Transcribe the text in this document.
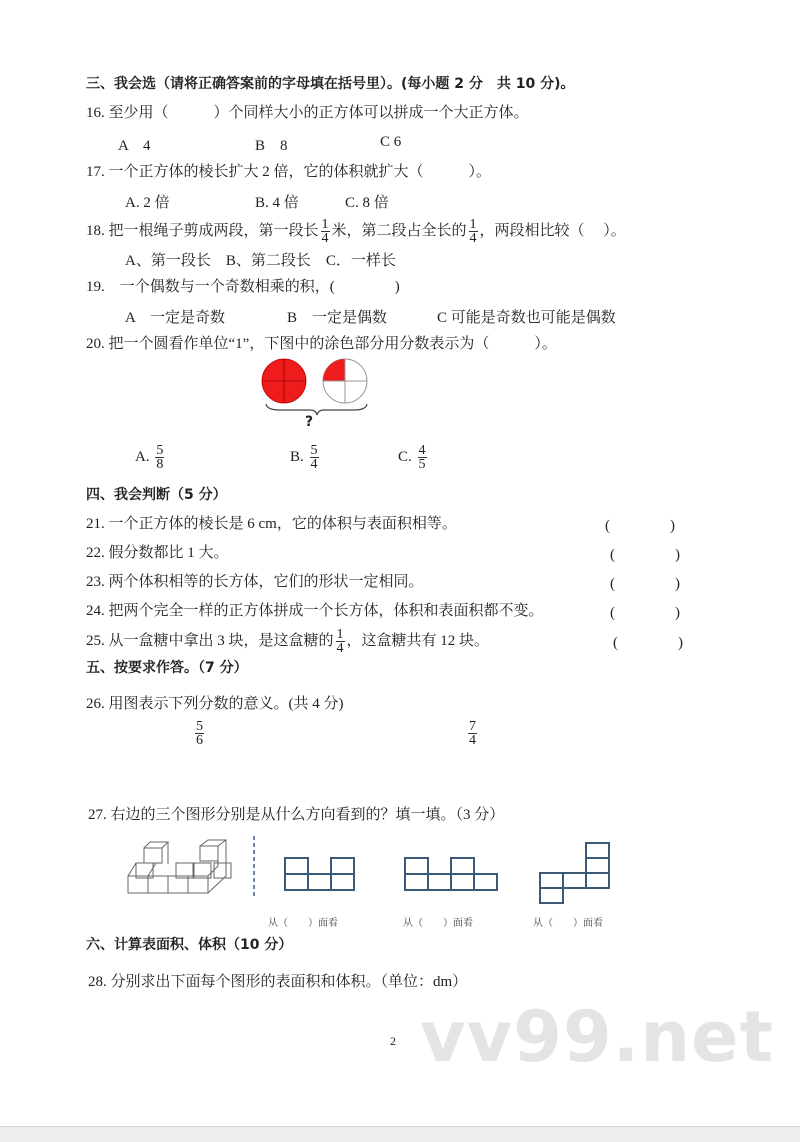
三、我会选（请将正确答案前的字母填在括号里）。(每小题 2 分　共 10 分)。
16. 至少用（　　　）个同样大小的正方体可以拼成一个大正方体。
A　4	B　8	C 6
17. 一个正方体的棱长扩大 2 倍，它的体积就扩大（　　　）。
A. 2 倍	B. 4 倍	C. 8 倍
18. 把一根绳子剪成两段，第一段长 $\frac{1}{4}$ 米，第二段占全长的 $\frac{1}{4}$ ，两段相比较（　 ）。
A、第一段长　B、第二段长　C．一样长
19.　一个偶数与一个奇数相乘的积，(　　　　)
A　一定是奇数	B　一定是偶数	C 可能是奇数也可能是偶数
20. 把一个圆看作单位“1”，下图中的涂色部分用分数表示为（　　　）。
?
A. $\frac{5}{8}$	B. $\frac{5}{4}$	C. $\frac{4}{5}$
四、我会判断（5 分）
21. 一个正方体的棱长是 6 cm，它的体积与表面积相等。	(　　　　)
22. 假分数都比 1 大。	(　　　　)
23. 两个体积相等的长方体，它们的形状一定相同。	(　　　　)
24. 把两个完全一样的正方体拼成一个长方体，体积和表面积都不变。	(　　　　)
25. 从一盒糖中拿出 3 块，是这盒糖的 $\frac{1}{4}$ ，这盒糖共有 12 块。	(　　　　)
五、按要求作答。（7 分）
26. 用图表示下列分数的意义。(共 4 分)
$\frac{5}{6}$	$\frac{7}{4}$
27. 右边的三个图形分别是从什么方向看到的？填一填。（3 分）
从（　　）面看	从（　　）面看	从（　　）面看
六、计算表面积、体积（10 分）
28. 分别求出下面每个图形的表面积和体积。（单位：dm）
vv99.net
2
